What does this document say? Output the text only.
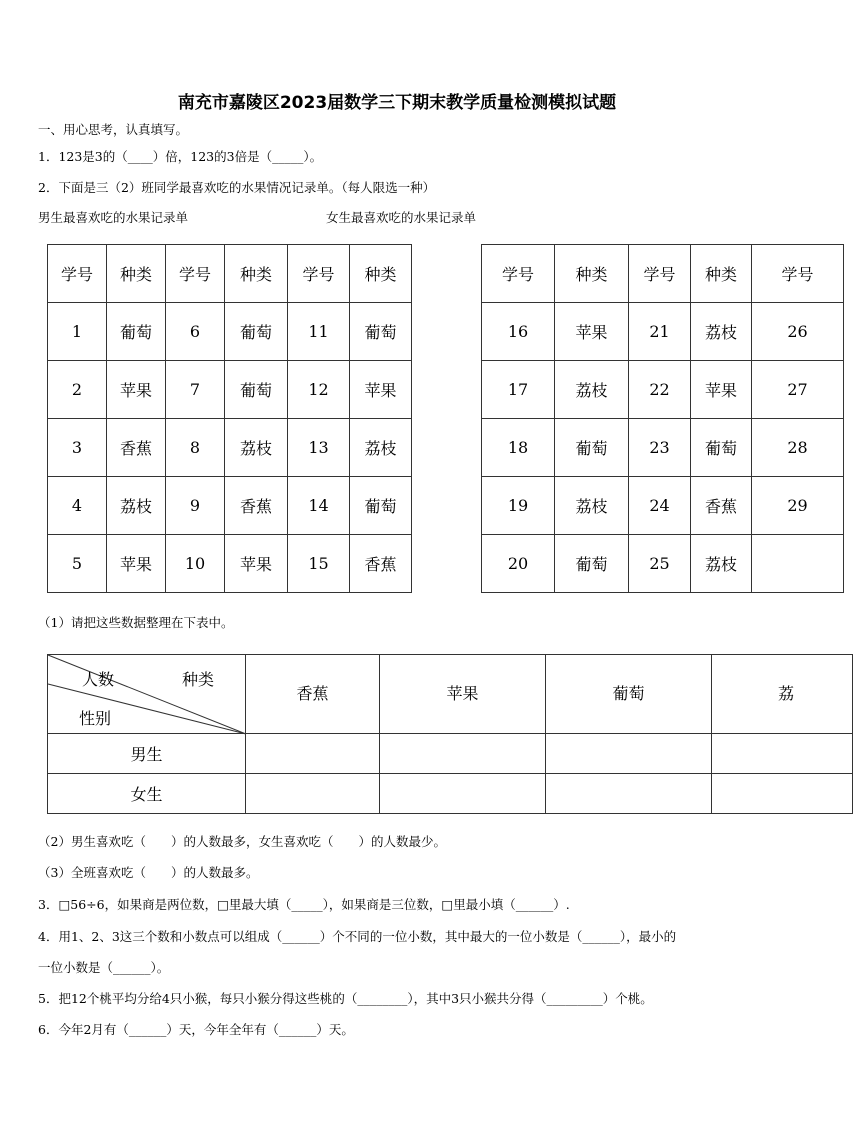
南充市嘉陵区2023届数学三下期末教学质量检测模拟试题
一、用心思考，认真填写。
1．123是3的（____）倍，123的3倍是（_____）。
2．下面是三（2）班同学最喜欢吃的水果情况记录单。（每人限选一种）
男生最喜欢吃的水果记录单	女生最喜欢吃的水果记录单
学号	种类	学号	种类	学号	种类
1	葡萄	6	葡萄	11	葡萄
2	苹果	7	葡萄	12	苹果
3	香蕉	8	荔枝	13	荔枝
4	荔枝	9	香蕉	14	葡萄
5	苹果	10	苹果	15	香蕉
学号	种类	学号	种类	学号
16	苹果	21	荔枝	26
17	荔枝	22	苹果	27
18	葡萄	23	葡萄	28
19	荔枝	24	香蕉	29
20	葡萄	25	荔枝	
（1）请把这些数据整理在下表中。
人数 种类
性别	香蕉	苹果	葡萄	荔
男生				
女生				
（2）男生喜欢吃（　　）的人数最多，女生喜欢吃（　　）的人数最少。
（3）全班喜欢吃（　　）的人数最多。
3．□56÷6，如果商是两位数，□里最大填（_____），如果商是三位数，□里最小填（______）.
4．用1、2、3这三个数和小数点可以组成（______）个不同的一位小数，其中最大的一位小数是（______），最小的
一位小数是（______）。
5．把12个桃平均分给4只小猴，每只小猴分得这些桃的（________），其中3只小猴共分得（_________）个桃。
6．今年2月有（______）天，今年全年有（______）天。
